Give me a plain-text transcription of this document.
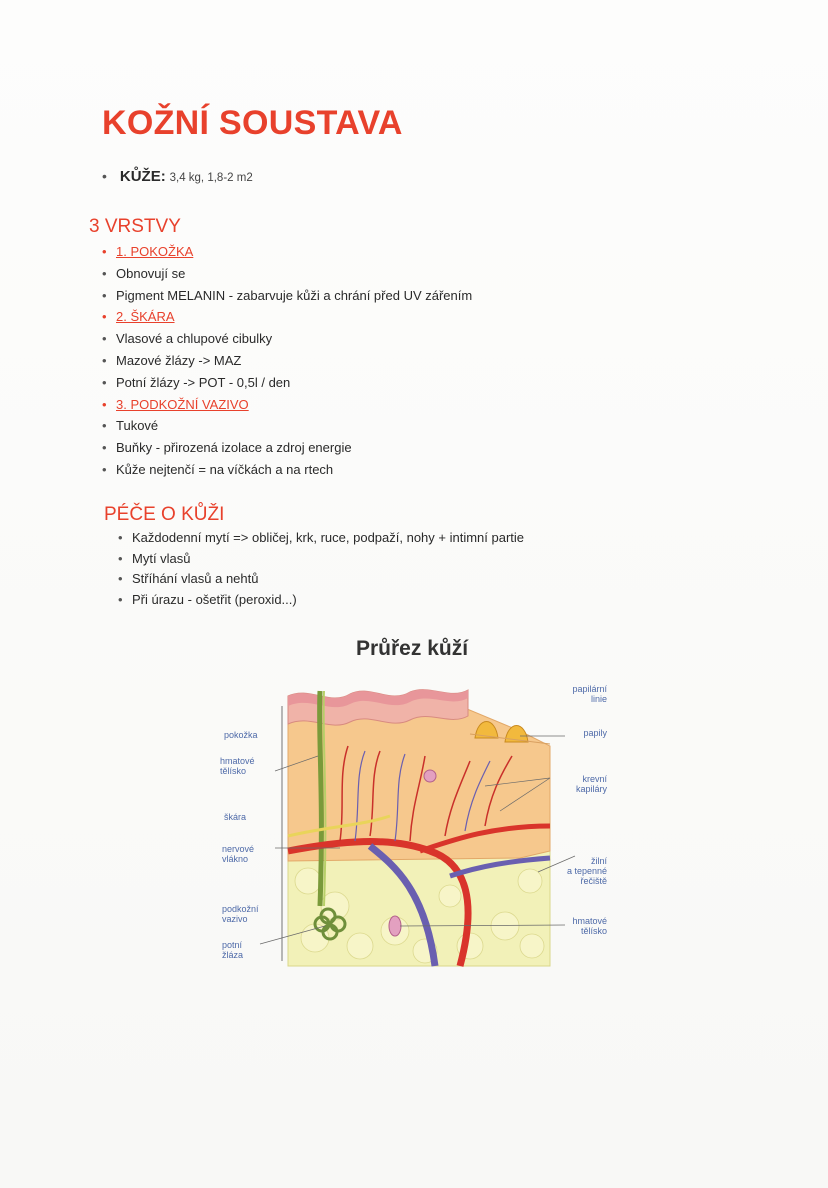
KOŽNÍ SOUSTAVA
• KŮŽE: 3,4 kg, 1,8-2 m2
3 VRSTVY
• 1. POKOŽKA
• Obnovují se
• Pigment MELANIN - zabarvuje kůži a chrání před UV zářením
• 2. ŠKÁRA
• Vlasové a chlupové cibulky
• Mazové žlázy -> MAZ
• Potní žlázy -> POT - 0,5l / den
• 3. PODKOŽNÍ VAZIVO
• Tukové
• Buňky - přirozená izolace a zdroj energie
• Kůže nejtenčí = na víčkách a na rtech
PÉČE O KŮŽI
• Každodenní mytí => obličej, krk, ruce, podpaží, nohy + intimní partie
• Mytí vlasů
• Stříhání vlasů a nehtů
• Při úrazu - ošetřit (peroxid...)
Průřez kůží
pokožka
hmatové
tělísko
škára
nervové
vlákno
podkožní
vazivo
potní
žláza
papilární
linie
papily
krevní
kapiláry
žilní
a tepenné
řečiště
hmatové
tělísko
